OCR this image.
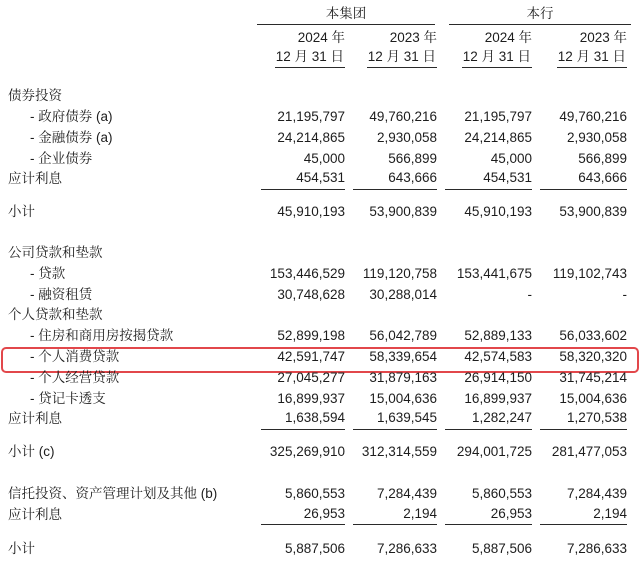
本集团	本行
2024 年	2023 年	2024 年	2023 年
12 月 31 日	12 月 31 日	12 月 31 日	12 月 31 日
债券投资
- 政府债券 (a)	21,195,797	49,760,216	21,195,797	49,760,216
- 金融债券 (a)	24,214,865	2,930,058	24,214,865	2,930,058
- 企业债券	45,000	566,899	45,000	566,899
应计利息	454,531	643,666	454,531	643,666
小计	45,910,193	53,900,839	45,910,193	53,900,839
公司贷款和垫款
- 贷款	153,446,529	119,120,758	153,441,675	119,102,743
- 融资租赁	30,748,628	30,288,014	-	-
个人贷款和垫款
- 住房和商用房按揭贷款	52,899,198	56,042,789	52,889,133	56,033,602
- 个人消费贷款	42,591,747	58,339,654	42,574,583	58,320,320
- 个人经营贷款	27,045,277	31,879,163	26,914,150	31,745,214
- 贷记卡透支	16,899,937	15,004,636	16,899,937	15,004,636
应计利息	1,638,594	1,639,545	1,282,247	1,270,538
小计 (c)	325,269,910	312,314,559	294,001,725	281,477,053
信托投资、资产管理计划及其他 (b)	5,860,553	7,284,439	5,860,553	7,284,439
应计利息	26,953	2,194	26,953	2,194
小计	5,887,506	7,286,633	5,887,506	7,286,633
